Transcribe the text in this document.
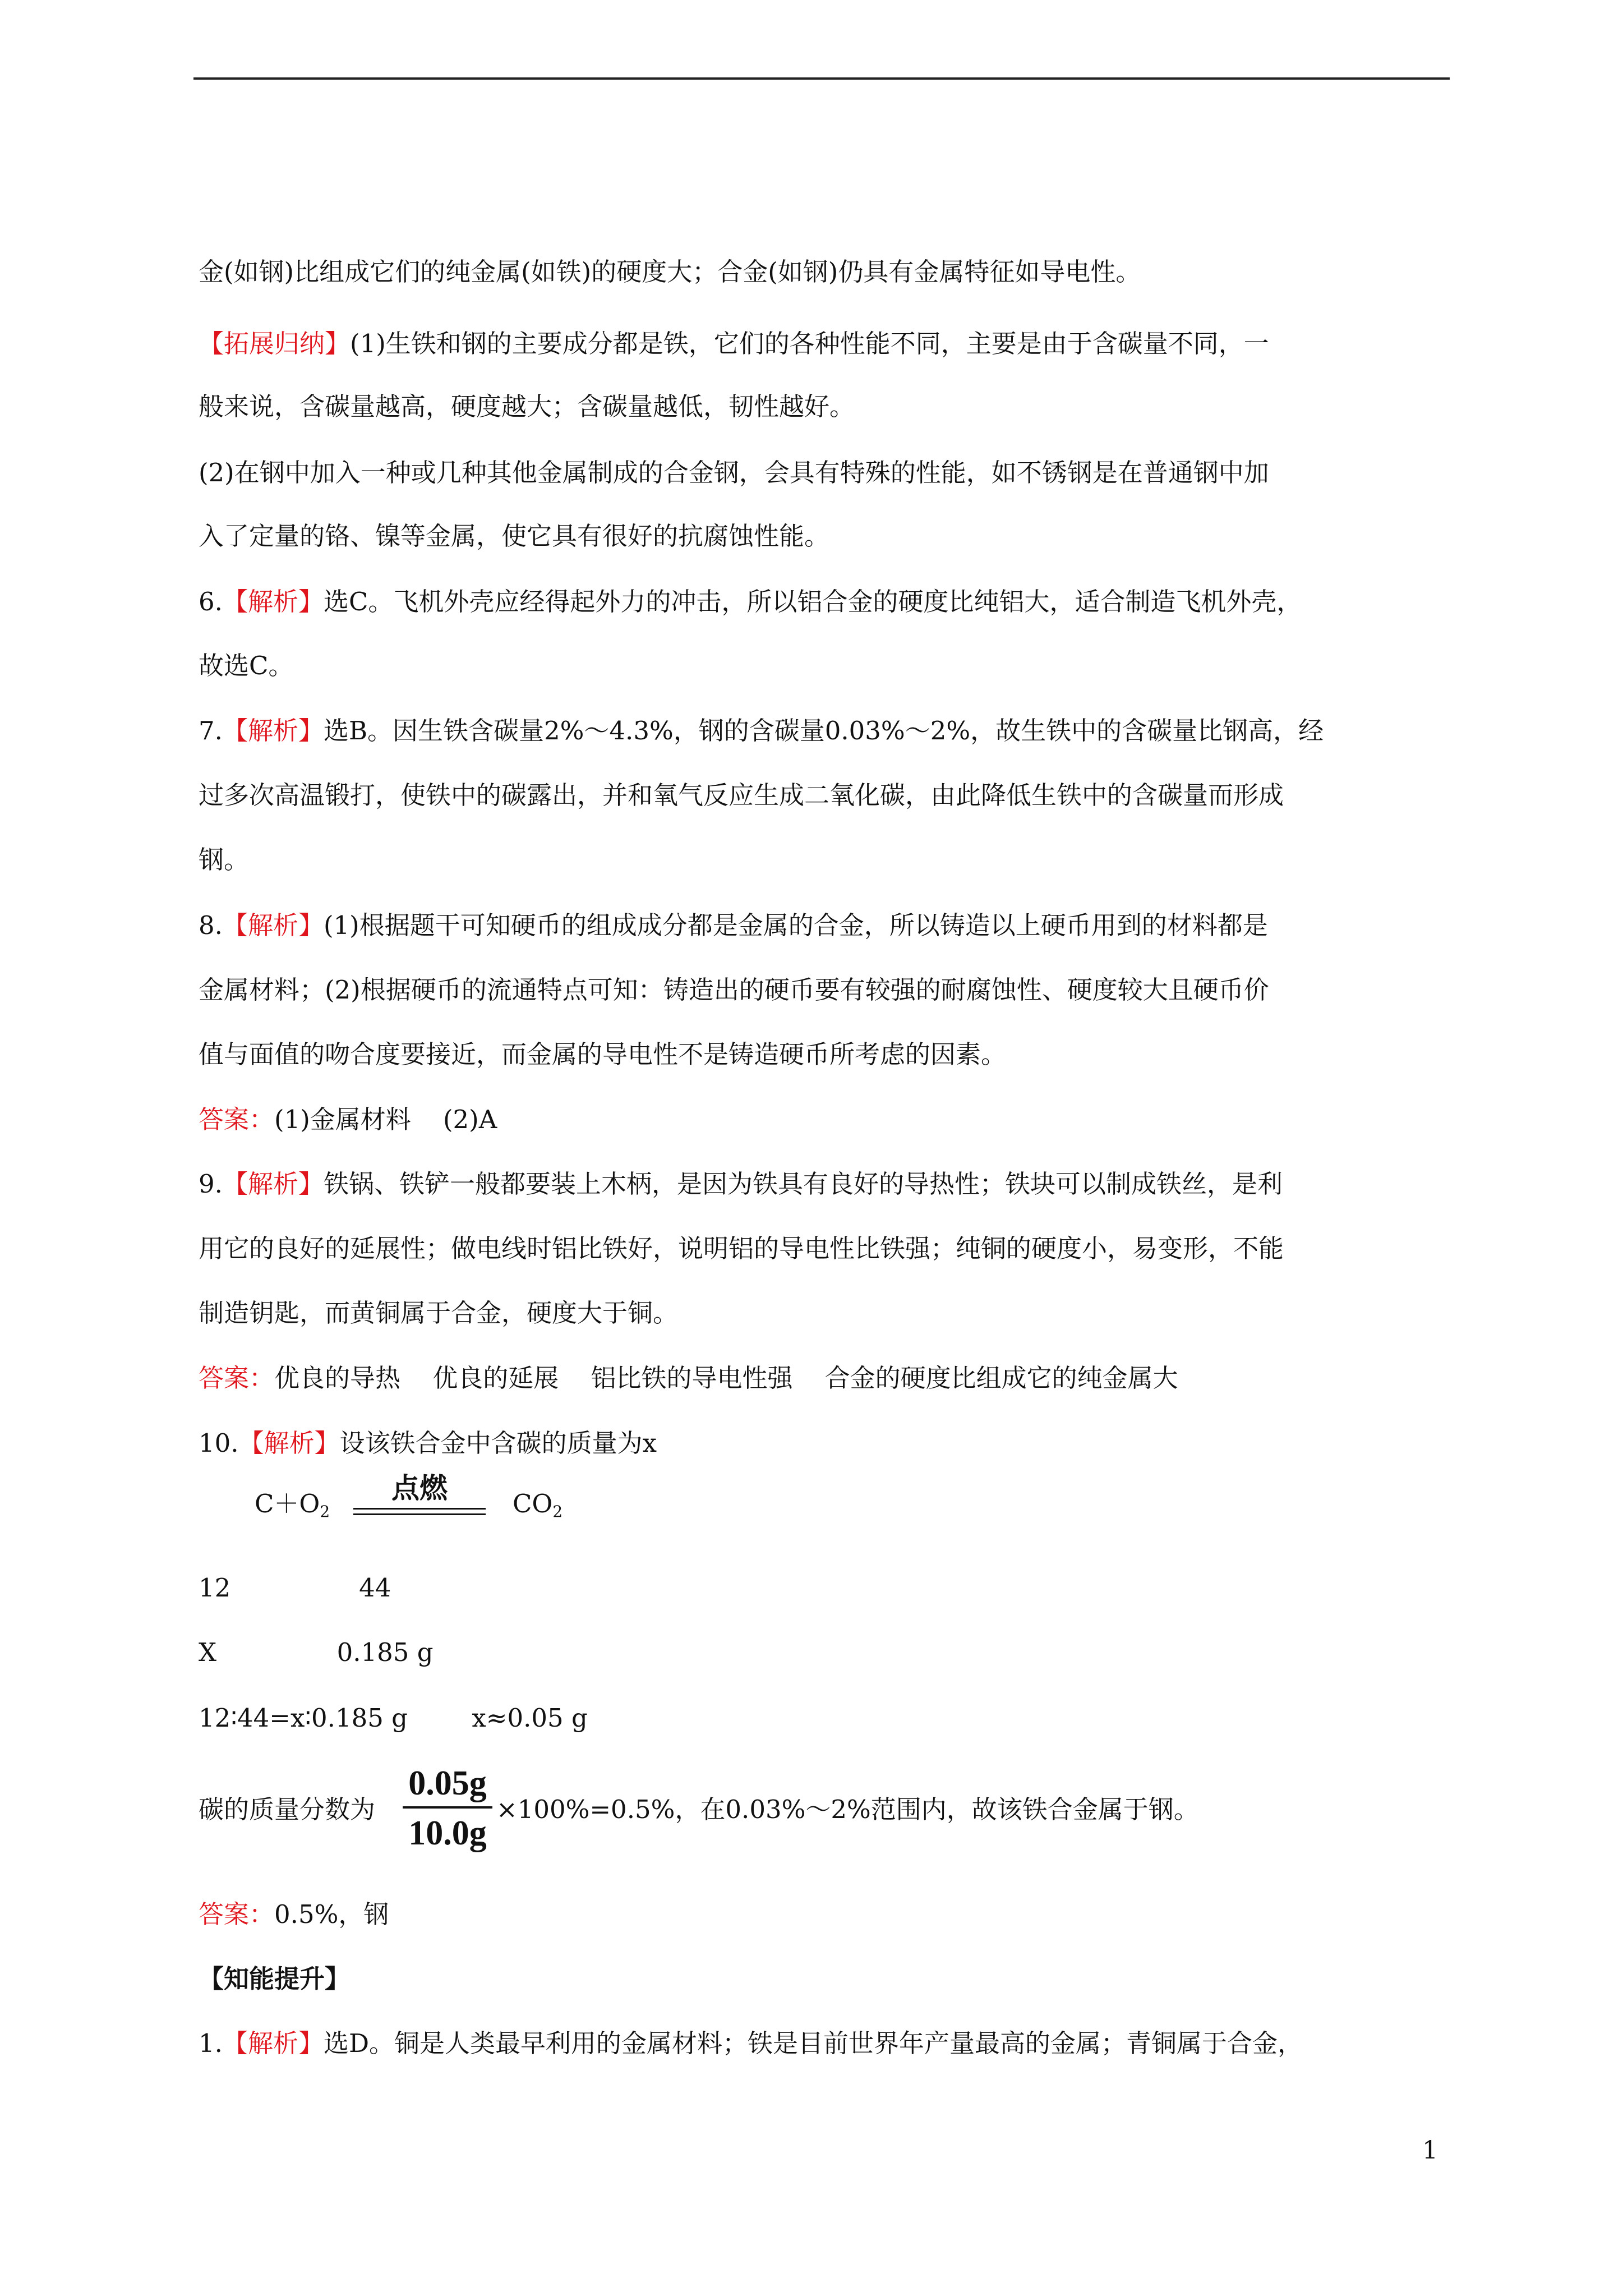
金(如钢)比组成它们的纯金属(如铁)的硬度大；合金(如钢)仍具有金属特征如导电性。
【拓展归纳】(1)生铁和钢的主要成分都是铁，它们的各种性能不同，主要是由于含碳量不同，一
般来说，含碳量越高，硬度越大；含碳量越低，韧性越好。
(2)在钢中加入一种或几种其他金属制成的合金钢，会具有特殊的性能，如不锈钢是在普通钢中加
入了定量的铬、镍等金属，使它具有很好的抗腐蚀性能。
6.【解析】选C。飞机外壳应经得起外力的冲击，所以铝合金的硬度比纯铝大，适合制造飞机外壳，
故选C。
7.【解析】选B。因生铁含碳量2%～4.3%，钢的含碳量0.03%～2%，故生铁中的含碳量比钢高，经
过多次高温锻打，使铁中的碳露出，并和氧气反应生成二氧化碳，由此降低生铁中的含碳量而形成
钢。
8.【解析】(1)根据题干可知硬币的组成成分都是金属的合金，所以铸造以上硬币用到的材料都是
金属材料；(2)根据硬币的流通特点可知：铸造出的硬币要有较强的耐腐蚀性、硬度较大且硬币价
值与面值的吻合度要接近，而金属的导电性不是铸造硬币所考虑的因素。
答案：(1)金属材料    (2)A
9.【解析】铁锅、铁铲一般都要装上木柄，是因为铁具有良好的导热性；铁块可以制成铁丝，是利
用它的良好的延展性；做电线时铝比铁好，说明铝的导电性比铁强；纯铜的硬度小，易变形，不能
制造钥匙，而黄铜属于合金，硬度大于铜。
答案：优良的导热    优良的延展    铝比铁的导电性强    合金的硬度比组成它的纯金属大
10.【解析】设该铁合金中含碳的质量为x
12                44
X               0.185 g
12∶44=x∶0.185 g        x≈0.05 g
碳的质量分数为	×100%=0.5%，在0.03%～2%范围内，故该铁合金属于钢。
答案：0.5%，钢
【知能提升】
1.【解析】选D。铜是人类最早利用的金属材料；铁是目前世界年产量最高的金属；青铜属于合金，
$C+O_2$
点燃	$CO_2$
0.05g
10.0g
1
